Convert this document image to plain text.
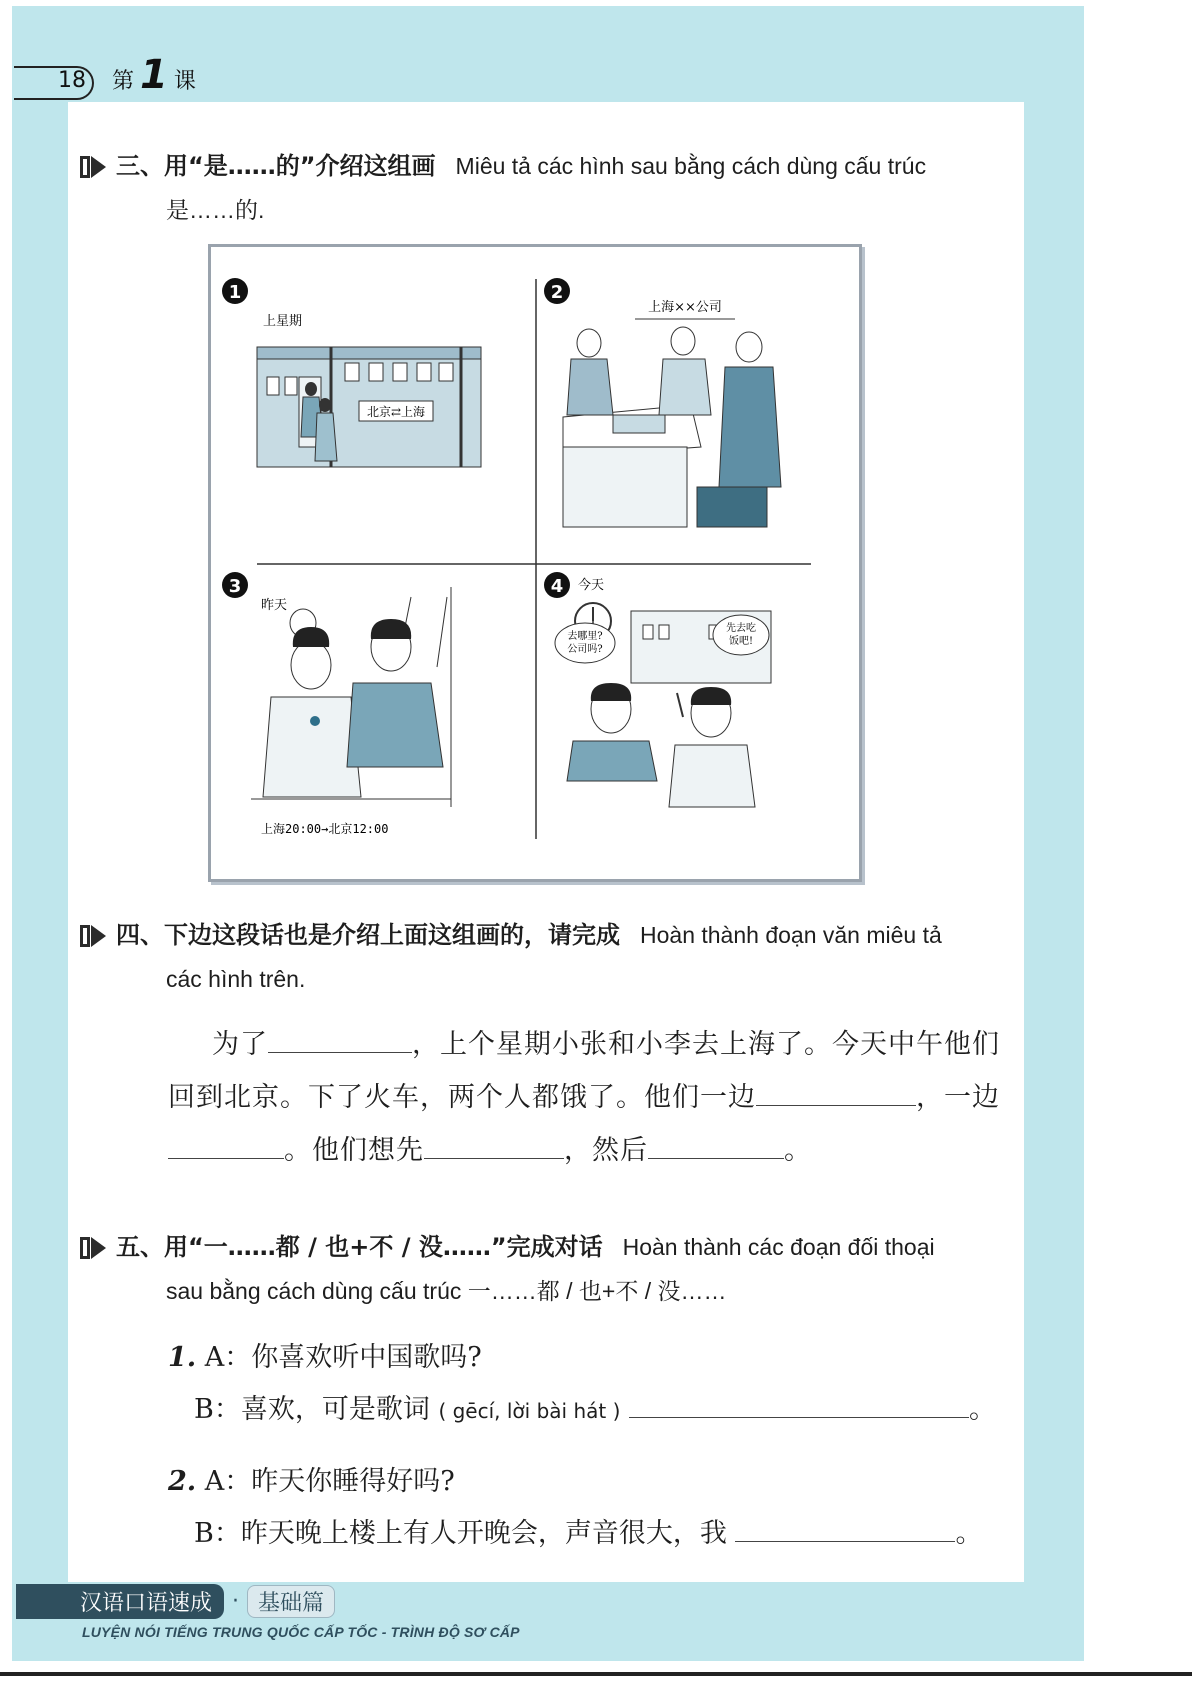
18 第 1 课
三、用“是……的”介绍这组画 Miêu tả các hình sau bằng cách dùng cấu trúc
是……的.
1
上星期
北京⇄上海
2
上海××公司
3
昨天
上海20:00→北京12:00
4 今天
去哪里?
公司吗?
先去吃
饭吧!
四、下边这段话也是介绍上面这组画的，请完成 Hoàn thành đoạn văn miêu tả
các hình trên.
为了	，上个星期小张和小李去上海了。今天中午他们
回到北京。下了火车，两个人都饿了。他们一边	，一边
。他们想先	，然后	。
五、用“一……都 / 也+不 / 没……”完成对话 Hoàn thành các đoạn đối thoại
sau bằng cách dùng cấu trúc 一……都 / 也+不 / 没……
1. A：你喜欢听中国歌吗?
B：喜欢，可是歌词 ( gēcí, lời bài hát )	。
2. A：昨天你睡得好吗?
B：昨天晚上楼上有人开晚会，声音很大，我	。
汉语口语速成 · 基础篇
LUYỆN NÓI TIẾNG TRUNG QUỐC CẤP TỐC - TRÌNH ĐỘ SƠ CẤP
